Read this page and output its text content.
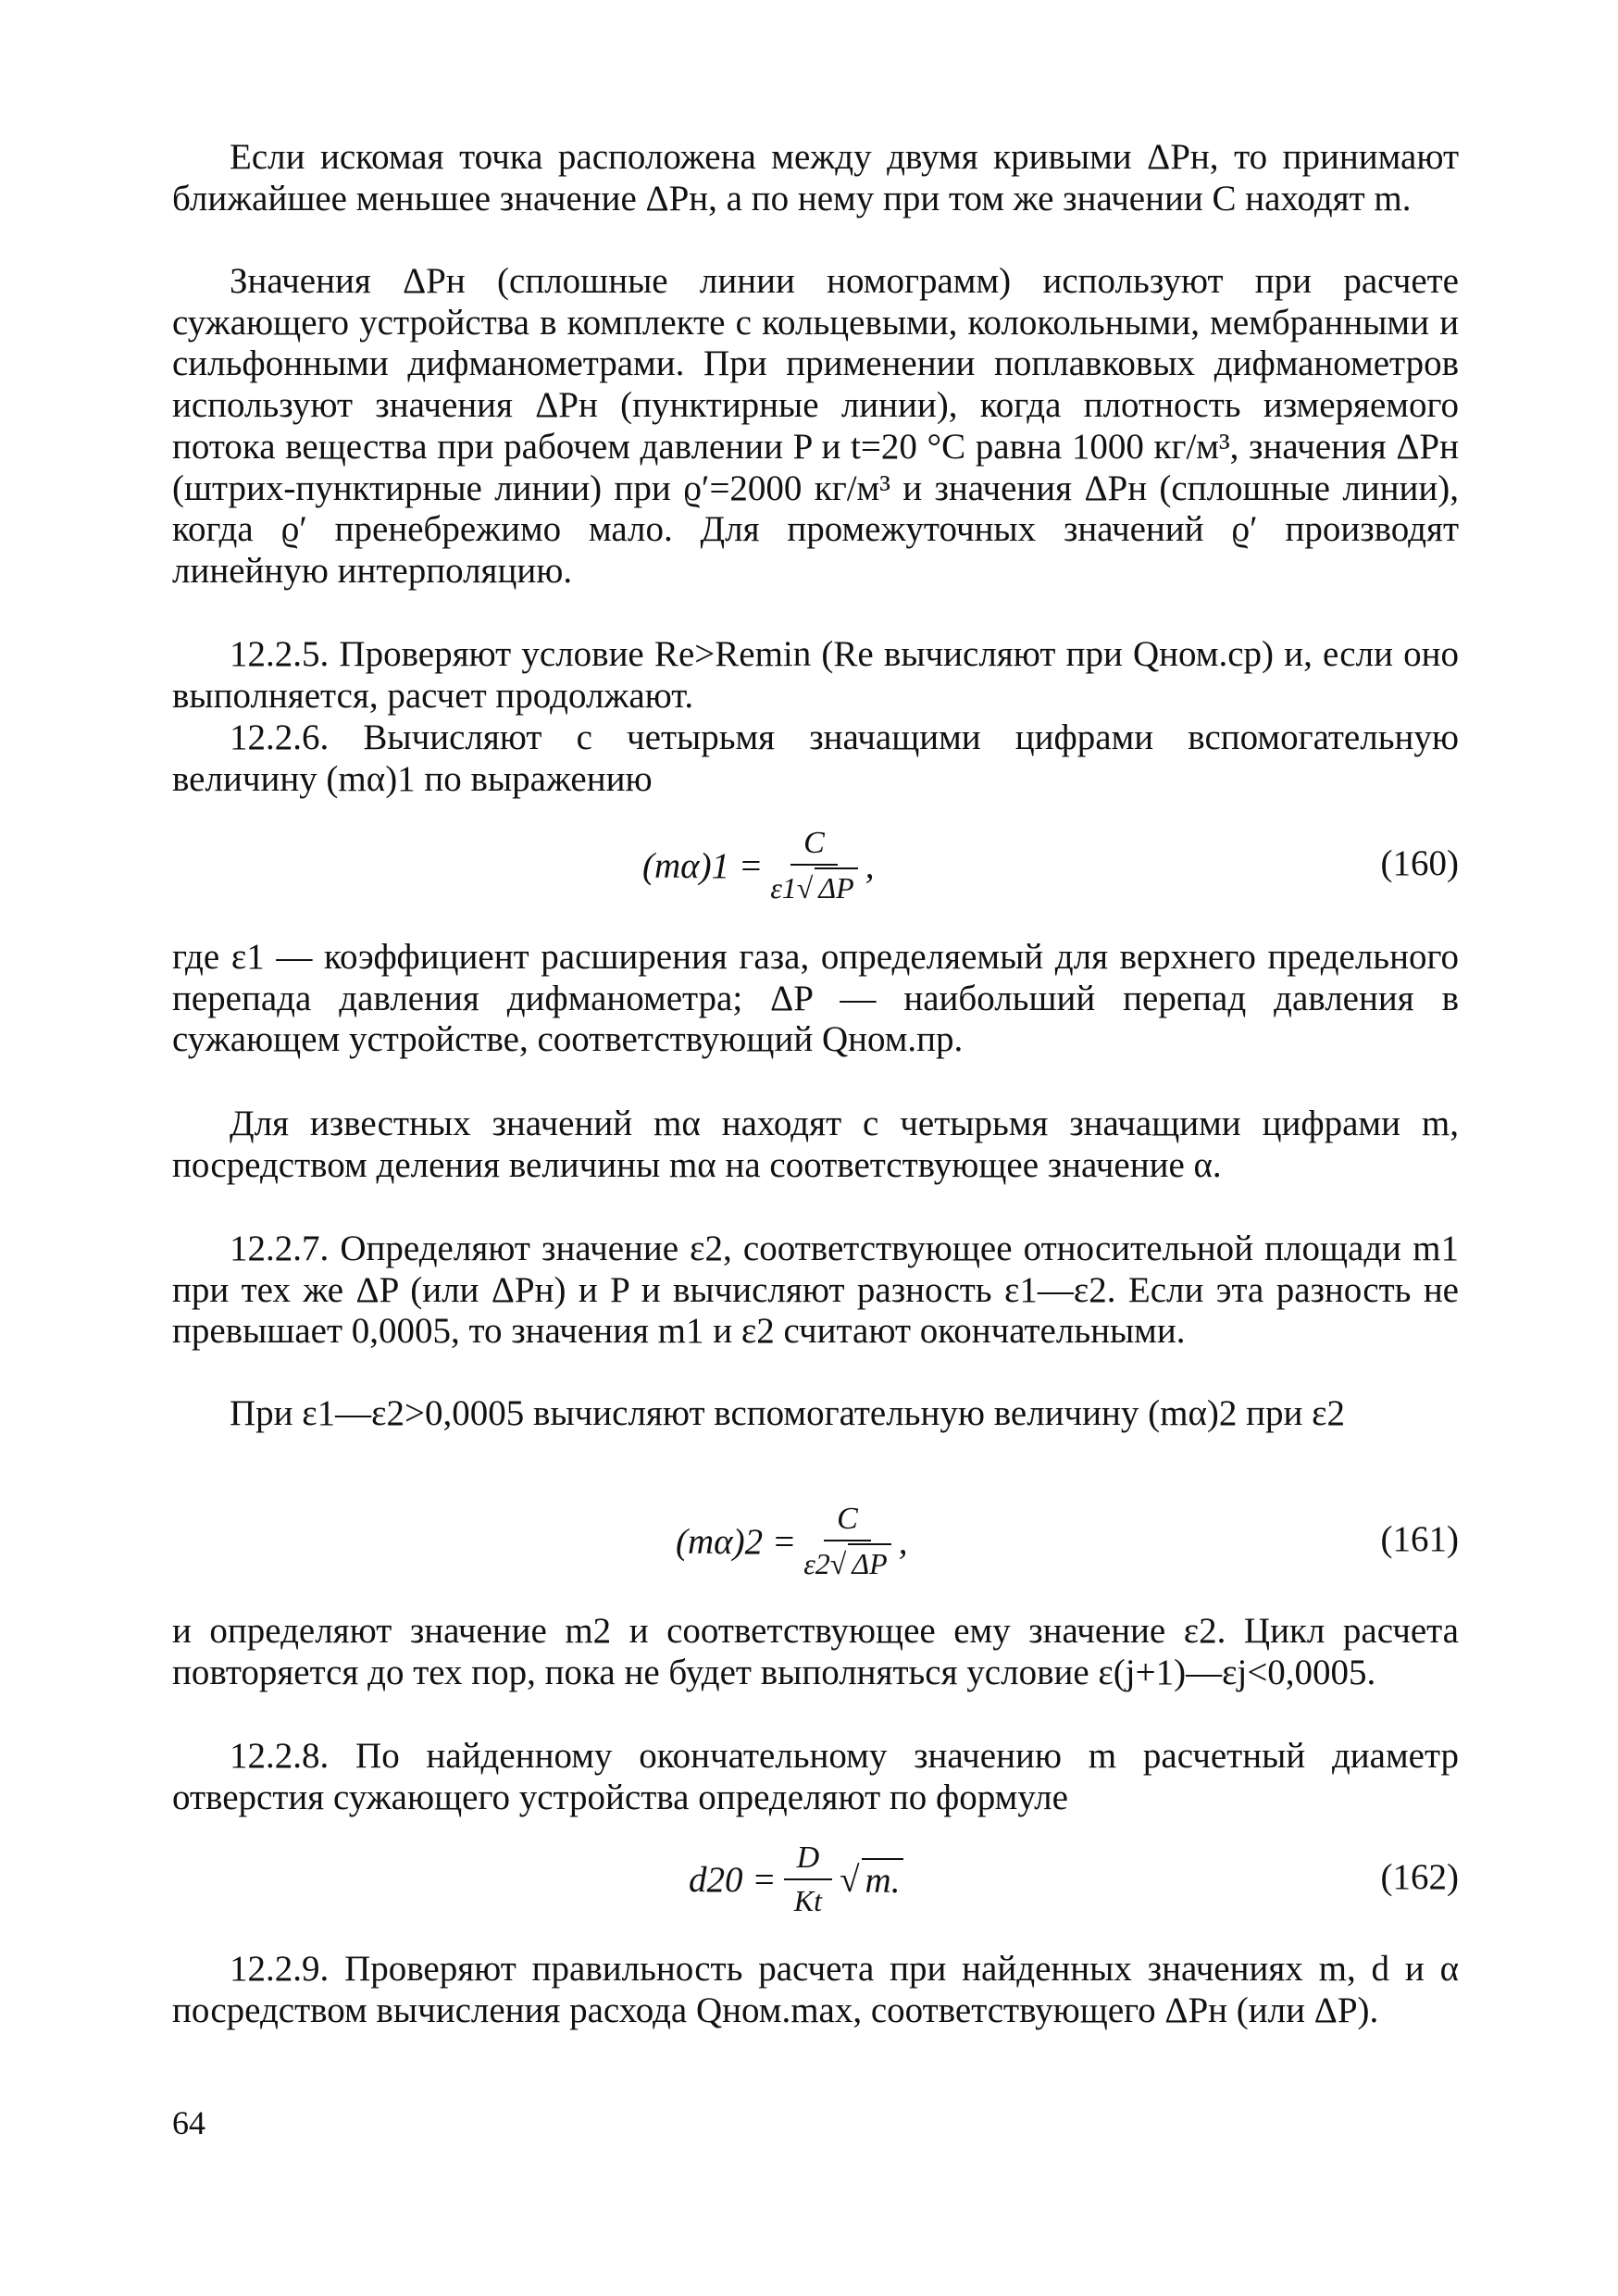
Если искомая точка расположена между двумя кривыми ΔPн, то принимают ближайшее меньшее значение ΔPн, а по нему при том же значении C находят m.

Значения ΔPн (сплошные линии номограмм) используют при расчете сужающего устройства в комплекте с кольцевыми, колокольными, мембранными и сильфонными дифманометрами. При применении поплавковых дифманометров используют значения ΔPн (пунктирные линии), когда плотность измеряемого потока вещества при рабочем давлении P и t=20 °C равна 1000 кг/м³, значения ΔPн (штрих-пунктирные линии) при ϱ′=2000 кг/м³ и значения ΔPн (сплошные линии), когда ϱ′ пренебрежимо мало. Для промежуточных значений ϱ′ производят линейную интерполяцию.

12.2.5. Проверяют условие Re>Remin (Re вычисляют при Qном.ср) и, если оно выполняется, расчет продолжают.

12.2.6. Вычисляют с четырьмя значащими цифрами вспомогательную величину (mα)1 по выражению

$(m\alpha)1 = \frac{C}{\varepsilon 1√ \Delta P}$ ,	(160)

где ε1 — коэффициент расширения газа, определяемый для верхнего предельного перепада давления дифманометра; ΔP — наибольший перепад давления в сужающем устройстве, соответствующий Qном.пр.

Для известных значений mα находят с четырьмя значащими цифрами m, посредством деления величины mα на соответствующее значение α.

12.2.7. Определяют значение ε2, соответствующее относительной площади m1 при тех же ΔP (или ΔPн) и P и вычисляют разность ε1—ε2. Если эта разность не превышает 0,0005, то значения m1 и ε2 считают окончательными.

При ε1—ε2>0,0005 вычисляют вспомогательную величину (mα)2 при ε2

$(m\alpha)2 = \frac{C}{\varepsilon 2√ \Delta P}$ ,	(161)

и определяют значение m2 и соответствующее ему значение ε2. Цикл расчета повторяется до тех пор, пока не будет выполняться условие ε(j+1)—εj<0,0005.

12.2.8. По найденному окончательному значению m расчетный диаметр отверстия сужающего устройства определяют по формуле

$d20 = \frac{D}{Kt}$ √ m.	(162)

12.2.9. Проверяют правильность расчета при найденных значениях m, d и α посредством вычисления расхода Qном.max, соответствующего ΔPн (или ΔP).

64
